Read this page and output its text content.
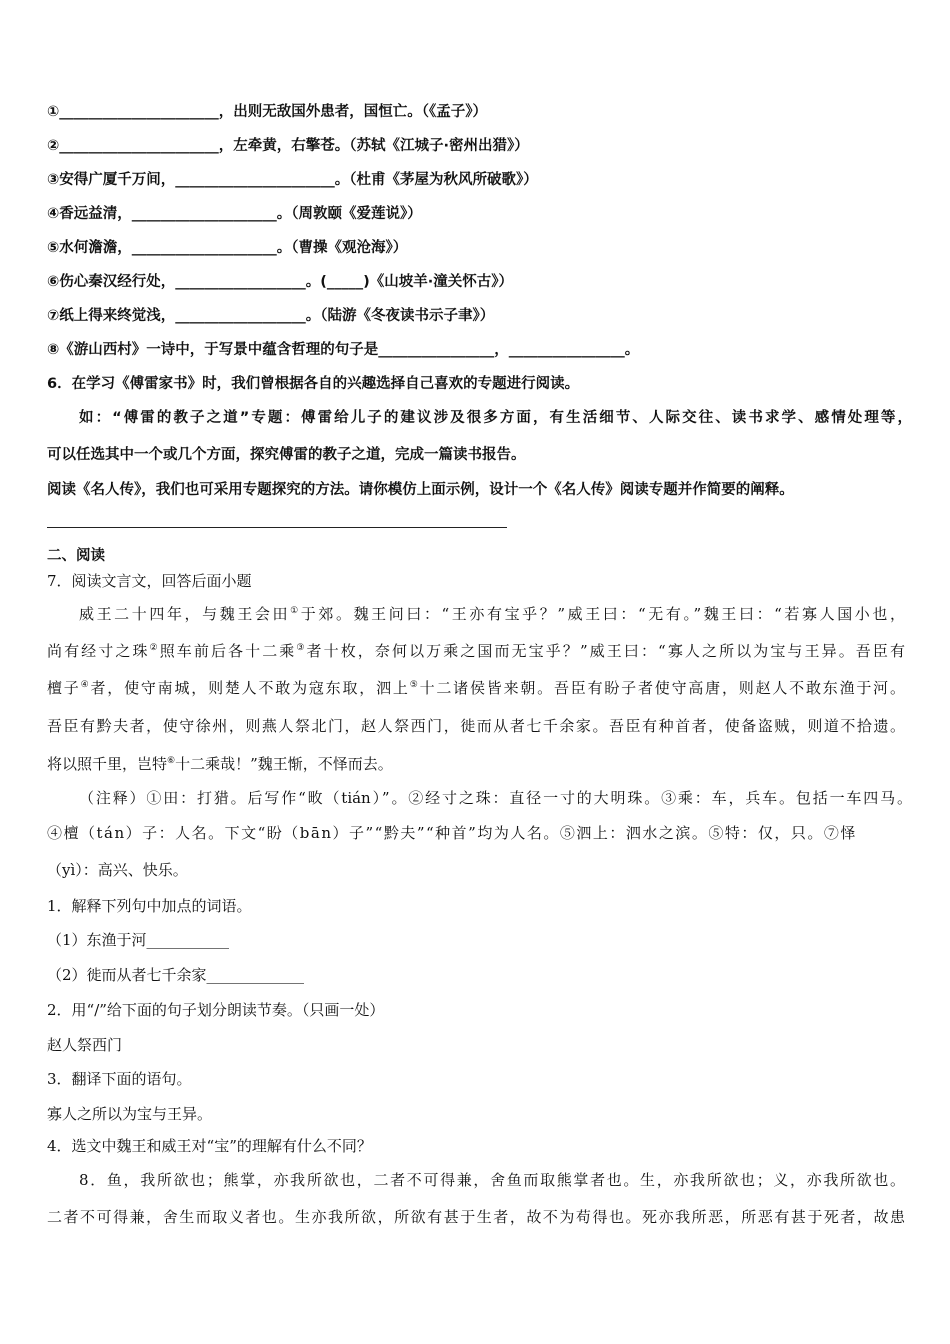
①______________________，出则无敌国外患者，国恒亡。（《孟子》）
②______________________，左牵黄，右擎苍。（苏轼《江城子·密州出猎》）
③安得广厦千万间，______________________。（杜甫《茅屋为秋风所破歌》）
④香远益清，____________________。（周敦颐《爱莲说》）
⑤水何澹澹，____________________。（曹操《观沧海》）
⑥伤心秦汉经行处，__________________。(_____)《山坡羊·潼关怀古》）
⑦纸上得来终觉浅，__________________。（陆游《冬夜读书示子聿》）
⑧《游山西村》一诗中，于写景中蕴含哲理的句子是________________，________________。
6．在学习《傅雷家书》时，我们曾根据各自的兴趣选择自己喜欢的专题进行阅读。
如：“傅雷的教子之道”专题：傅雷给儿子的建议涉及很多方面，有生活细节、人际交往、读书求学、感情处理等，
可以任选其中一个或几个方面，探究傅雷的教子之道，完成一篇读书报告。
阅读《名人传》，我们也可采用专题探究的方法。请你模仿上面示例，设计一个《名人传》阅读专题并作简要的阐释。
二、阅读
7．阅读文言文，回答后面小题
威王二十四年，与魏王会田①于郊。魏王问曰：“王亦有宝乎？”威王曰：“无有。”魏王曰：“若寡人国小也，
尚有经寸之珠②照车前后各十二乘③者十枚，奈何以万乘之国而无宝乎？”威王曰：“寡人之所以为宝与王异。吾臣有
檀子④者，使守南城，则楚人不敢为寇东取，泗上⑤十二诸侯皆来朝。吾臣有盼子者使守高唐，则赵人不敢东渔于河。
吾臣有黔夫者，使守徐州，则燕人祭北门，赵人祭西门，徙而从者七千余家。吾臣有种首者，使备盗贼，则道不拾遗。
将以照千里，岂特⑥十二乘哉！”魏王惭，不怿而去。
（注释）①田：打猎。后写作“畋（tián）”。②经寸之珠：直径一寸的大明珠。③乘：车，兵车。包括一车四马。
④檀（tán）子：人名。下文“盼（bān）子”“黔夫”“种首”均为人名。⑤泗上：泗水之滨。⑤特：仅，只。⑦怿
（yì）：高兴、快乐。
1．解释下列句中加点的词语。
（1）东渔于河___________
（2）徙而从者七千余家_____________
2．用“/”给下面的句子划分朗读节奏。（只画一处）
赵人祭西门
3．翻译下面的语句。
寡人之所以为宝与王异。
4．选文中魏王和威王对“宝”的理解有什么不同？
8．鱼，我所欲也；熊掌，亦我所欲也，二者不可得兼，舍鱼而取熊掌者也。生，亦我所欲也；义，亦我所欲也。
二者不可得兼，舍生而取义者也。生亦我所欲，所欲有甚于生者，故不为苟得也。死亦我所恶，所恶有甚于死者，故患
